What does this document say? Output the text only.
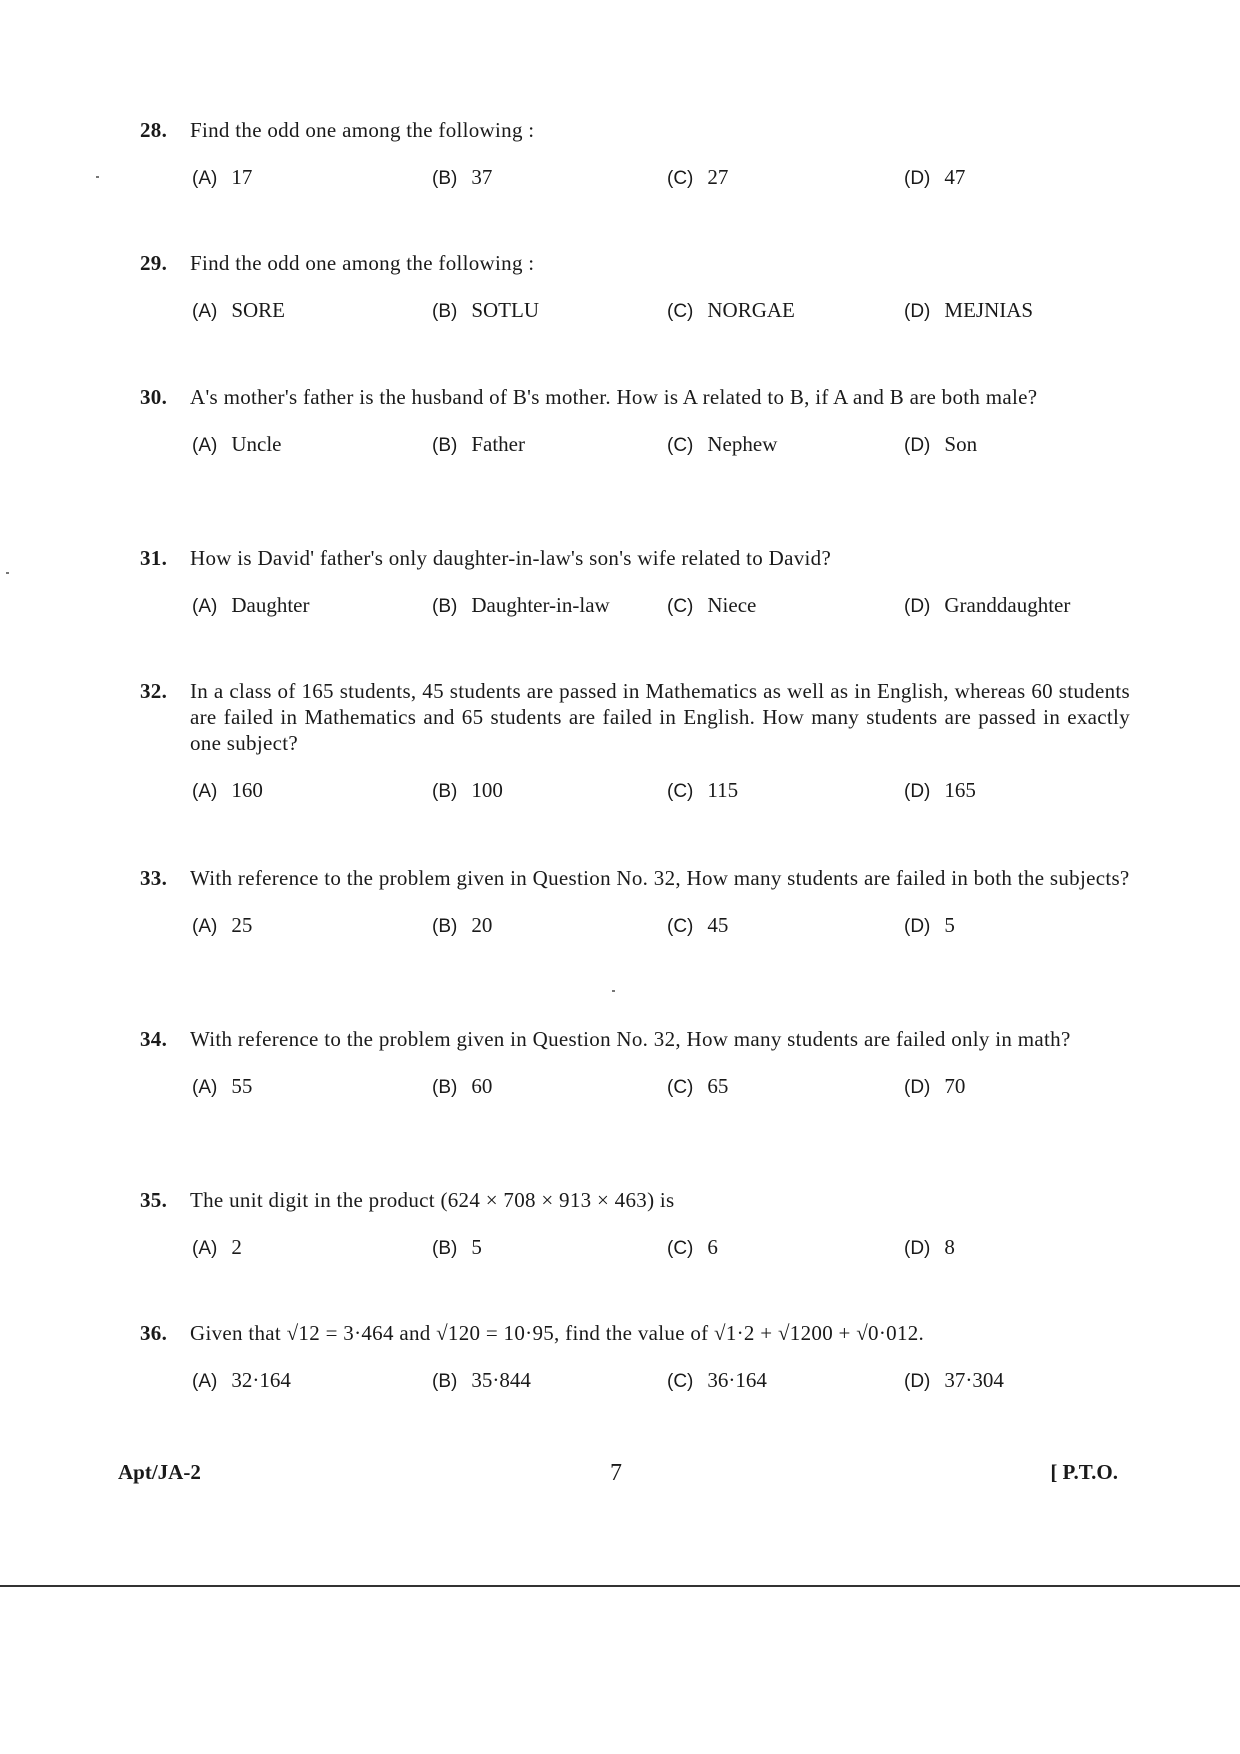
28.	Find the odd one among the following :
(A) 17	(B) 37	(C) 27	(D) 47
29.	Find the odd one among the following :
(A) SORE	(B) SOTLU	(C) NORGAE	(D) MEJNIAS
30.	A's mother's father is the husband of B's mother. How is A related to B, if A and B are both male?
(A) Uncle	(B) Father	(C) Nephew	(D) Son
31.	How is David' father's only daughter-in-law's son's wife related to David?
(A) Daughter	(B) Daughter-in-law	(C) Niece	(D) Granddaughter
32.	In a class of 165 students, 45 students are passed in Mathematics as well as in English, whereas 60 students are failed in Mathematics and 65 students are failed in English. How many students are passed in exactly one subject?
(A) 160	(B) 100	(C) 115	(D) 165
33.	With reference to the problem given in Question No. 32, How many students are failed in both the subjects?
(A) 25	(B) 20	(C) 45	(D) 5
34.	With reference to the problem given in Question No. 32, How many students are failed only in math?
(A) 55	(B) 60	(C) 65	(D) 70
35.	The unit digit in the product (624 × 708 × 913 × 463) is
(A) 2	(B) 5	(C) 6	(D) 8
36.	Given that √12 = 3·464 and √120 = 10·95, find the value of √1·2 + √1200 + √0·012.
(A) 32·164	(B) 35·844	(C) 36·164	(D) 37·304
Apt/JA-2	7	[ P.T.O.
